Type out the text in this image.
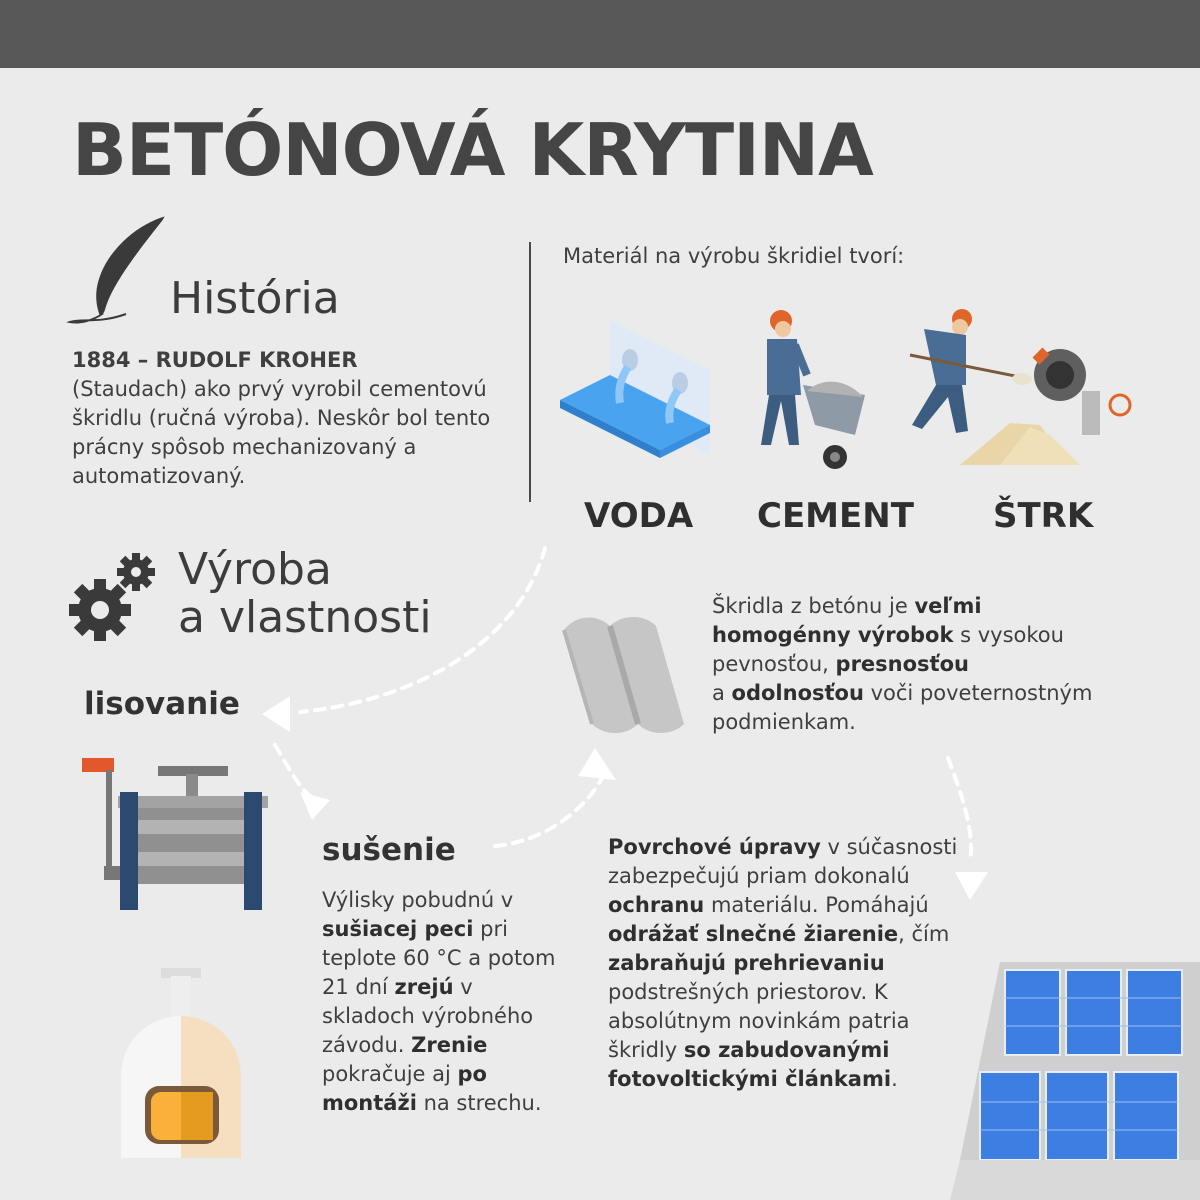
BETÓNOVÁ KRYTINA
História
1884 – RUDOLF KROHER
(Staudach) ako prvý vyrobil cementovú škridlu (ručná výroba). Neskôr bol tento prácny spôsob mechanizovaný a automatizovaný.
Materiál na výrobu škridiel tvorí:
VODA CEMENT ŠTRK
Výroba
a vlastnosti
lisovanie
sušenie
Výlisky pobudnú v sušiacej peci pri teplote 60 °C a potom 21 dní zrejú v skladoch výrobného závodu. Zrenie pokračuje aj po montáži na strechu.
Škridla z betónu je veľmi homogénny výrobok s vysokou pevnosťou, presnosťou
a odolnosťou voči poveternostným podmienkam.
Povrchové úpravy v súčasnosti zabezpečujú priam dokonalú ochranu materiálu. Pomáhajú odrážať slnečné žiarenie, čím zabraňujú prehrievaniu podstrešných priestorov. K absolútnym novinkám patria škridly so zabudovanými fotovoltickými článkami.
